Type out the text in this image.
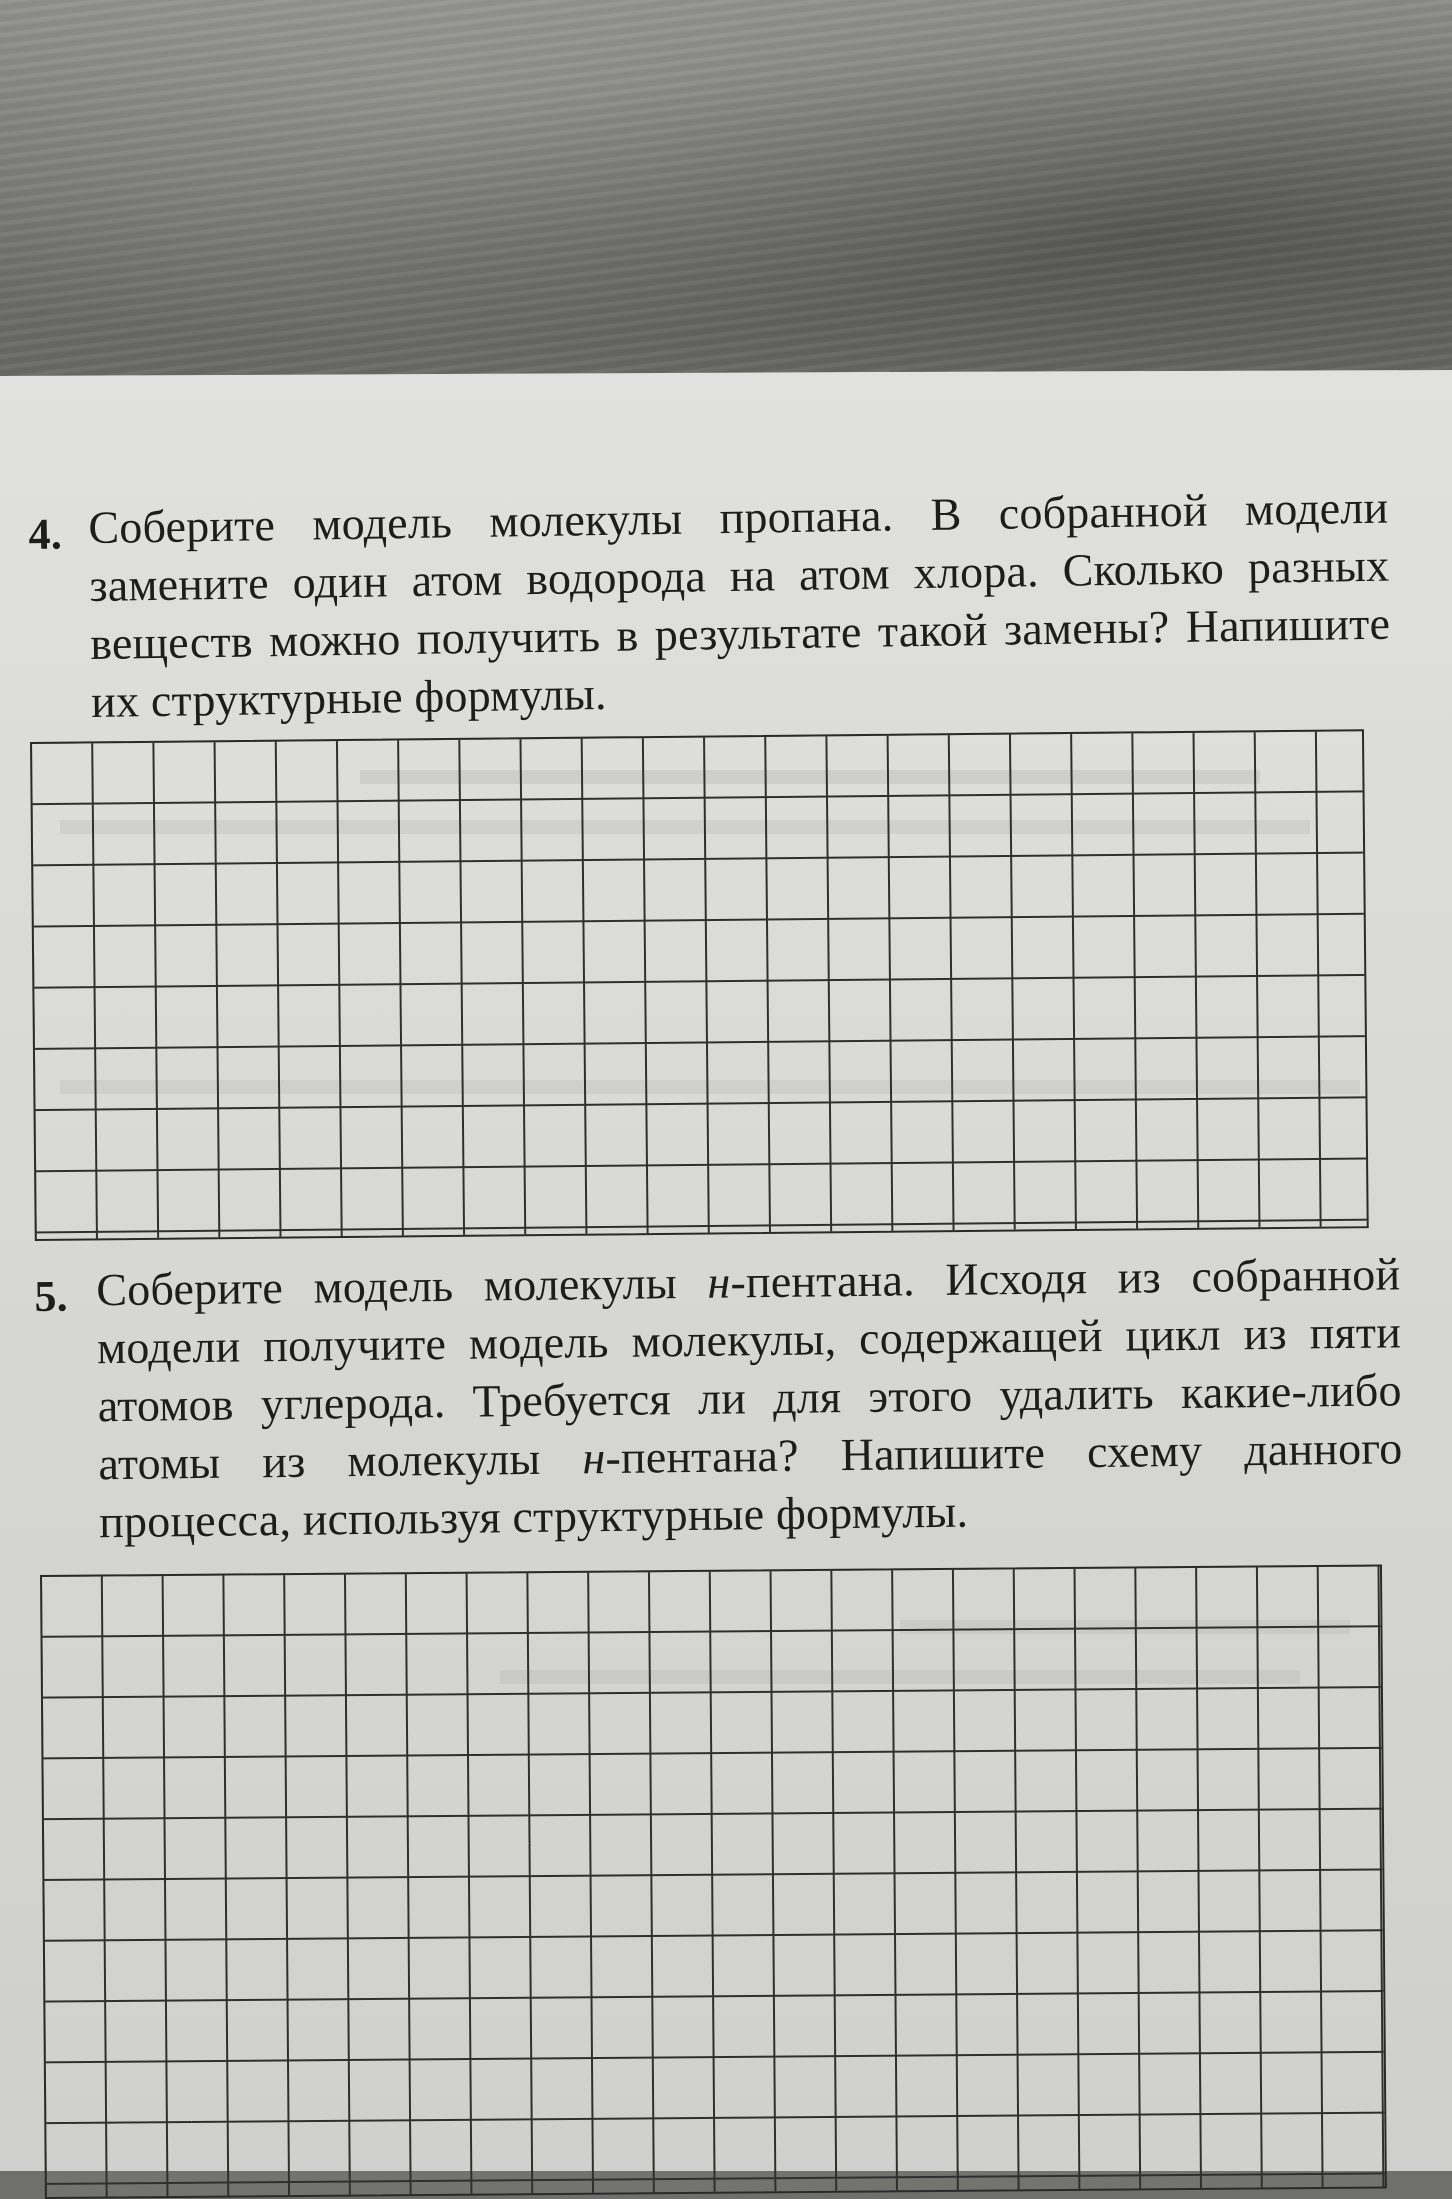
4. Соберите модель молекулы пропана. В собранной модели замените один атом водорода на атом хлора. Сколько разных веществ можно получить в результате такой замены? Напишите их структурные формулы.
5. Соберите модель молекулы н-пентана. Исходя из собранной модели получите модель молекулы, содержащей цикл из пяти атомов углерода. Требуется ли для этого удалить какие-либо атомы из молекулы н-пентана? Напишите схему данного процесса, используя структурные формулы.
